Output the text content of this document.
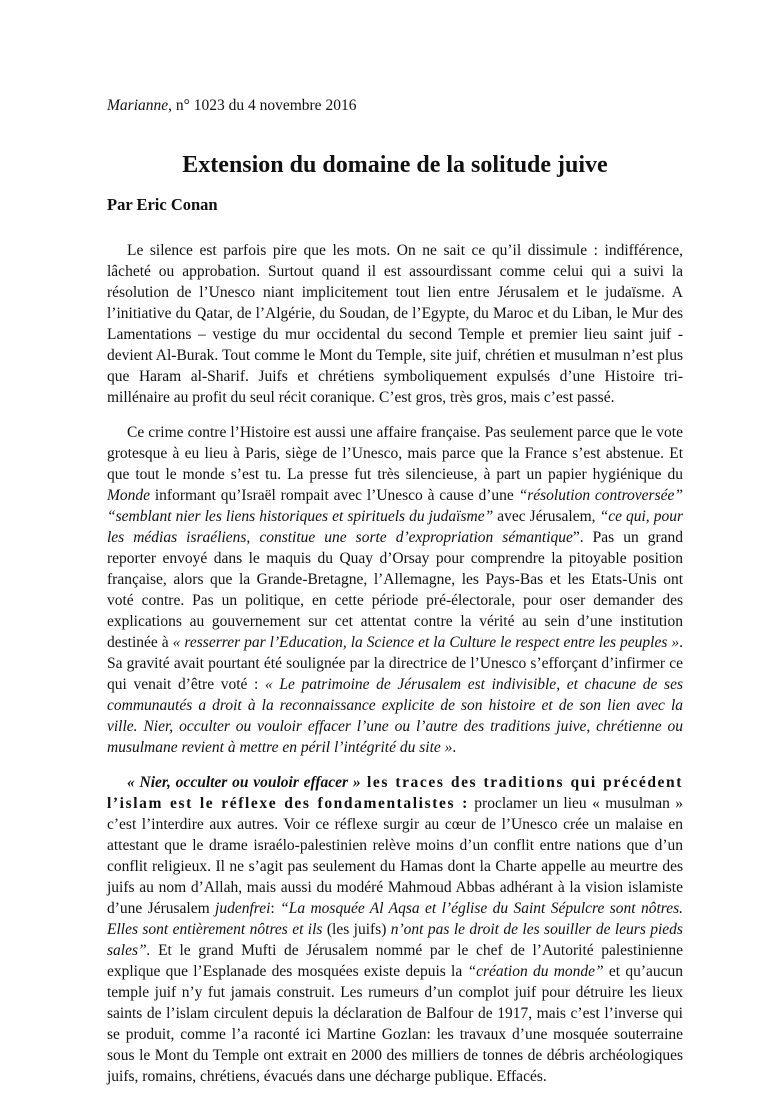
Marianne, n° 1023 du 4 novembre 2016
Extension du domaine de la solitude juive
Par Eric Conan

Le silence est parfois pire que les mots. On ne sait ce qu’il dissimule : indifférence, lâcheté ou approbation. Surtout quand il est assourdissant comme celui qui a suivi la résolution de l’Unesco niant implicitement tout lien entre Jérusalem et le judaïsme. A l’initiative du Qatar, de l’Algérie, du Soudan, de l’Egypte, du Maroc et du Liban, le Mur des Lamentations – vestige du mur occidental du second Temple et premier lieu saint juif - devient Al-Burak. Tout comme le Mont du Temple, site juif, chrétien et musulman n’est plus que Haram al-Sharif. Juifs et chrétiens symboliquement expulsés d’une Histoire tri-millénaire au profit du seul récit coranique. C’est gros, très gros, mais c’est passé.

Ce crime contre l’Histoire est aussi une affaire française. Pas seulement parce que le vote grotesque à eu lieu à Paris, siège de l’Unesco, mais parce que la France s’est abstenue. Et que tout le monde s’est tu. La presse fut très silencieuse, à part un papier hygiénique du Monde informant qu’Israël rompait avec l’Unesco à cause d’une “résolution controversée” “semblant nier les liens historiques et spirituels du judaïsme” avec Jérusalem, “ce qui, pour les médias israéliens, constitue une sorte d’expropriation sémantique”. Pas un grand reporter envoyé dans le maquis du Quay d’Orsay pour comprendre la pitoyable position française, alors que la Grande-Bretagne, l’Allemagne, les Pays-Bas et les Etats-Unis ont voté contre. Pas un politique, en cette période pré-électorale, pour oser demander des explications au gouvernement sur cet attentat contre la vérité au sein d’une institution destinée à « resserrer par l’Education, la Science et la Culture le respect entre les peuples ». Sa gravité avait pourtant été soulignée par la directrice de l’Unesco s’efforçant d’infirmer ce qui venait d’être voté : « Le patrimoine de Jérusalem est indivisible, et chacune de ses communautés a droit à la reconnaissance explicite de son histoire et de son lien avec la ville. Nier, occulter ou vouloir effacer l’une ou l’autre des traditions juive, chrétienne ou musulmane revient à mettre en péril l’intégrité du site ».

« Nier, occulter ou vouloir effacer » les traces des traditions qui précédent l’islam est le réflexe des fondamentalistes : proclamer un lieu « musulman » c’est l’interdire aux autres. Voir ce réflexe surgir au cœur de l’Unesco crée un malaise en attestant que le drame israélo-palestinien relève moins d’un conflit entre nations que d’un conflit religieux. Il ne s’agit pas seulement du Hamas dont la Charte appelle au meurtre des juifs au nom d’Allah, mais aussi du modéré Mahmoud Abbas adhérant à la vision islamiste d’une Jérusalem judenfrei: “La mosquée Al Aqsa et l’église du Saint Sépulcre sont nôtres. Elles sont entièrement nôtres et ils (les juifs) n’ont pas le droit de les souiller de leurs pieds sales”. Et le grand Mufti de Jérusalem nommé par le chef de l’Autorité palestinienne explique que l’Esplanade des mosquées existe depuis la “création du monde” et qu’aucun temple juif n’y fut jamais construit. Les rumeurs d’un complot juif pour détruire les lieux saints de l’islam circulent depuis la déclaration de Balfour de 1917, mais c’est l’inverse qui se produit, comme l’a raconté ici Martine Gozlan: les travaux d’une mosquée souterraine sous le Mont du Temple ont extrait en 2000 des milliers de tonnes de débris archéologiques juifs, romains, chrétiens, évacués dans une décharge publique. Effacés.
